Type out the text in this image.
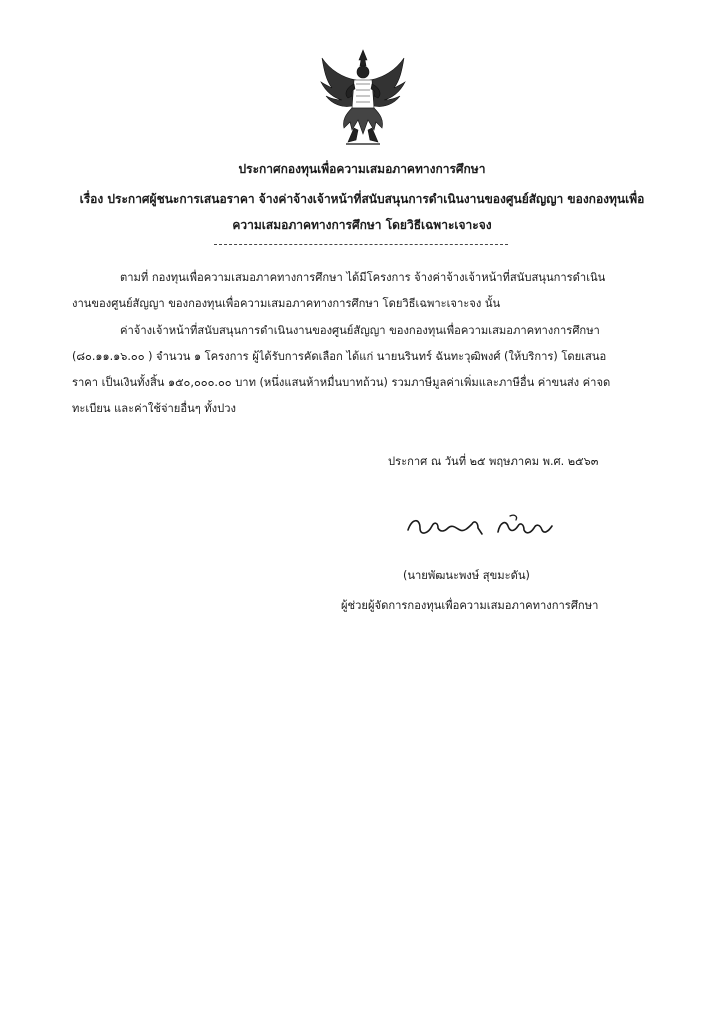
ประกาศกองทุนเพื่อความเสมอภาคทางการศึกษา
เรื่อง ประกาศผู้ชนะการเสนอราคา จ้างค่าจ้างเจ้าหน้าที่สนับสนุนการดำเนินงานของศูนย์สัญญา ของกองทุนเพื่อ
ความเสมอภาคทางการศึกษา โดยวิธีเฉพาะเจาะจง
ตามที่ กองทุนเพื่อความเสมอภาคทางการศึกษา ได้มีโครงการ จ้างค่าจ้างเจ้าหน้าที่สนับสนุนการดำเนิน
งานของศูนย์สัญญา ของกองทุนเพื่อความเสมอภาคทางการศึกษา โดยวิธีเฉพาะเจาะจง นั้น
ค่าจ้างเจ้าหน้าที่สนับสนุนการดำเนินงานของศูนย์สัญญา ของกองทุนเพื่อความเสมอภาคทางการศึกษา
(๘๐.๑๑.๑๖.๐๐ ) จำนวน ๑ โครงการ ผู้ได้รับการคัดเลือก ได้แก่ นายนรินทร์ ฉันทะวุฒิพงศ์ (ให้บริการ) โดยเสนอ
ราคา เป็นเงินทั้งสิ้น ๑๕๐,๐๐๐.๐๐ บาท (หนึ่งแสนห้าหมื่นบาทถ้วน) รวมภาษีมูลค่าเพิ่มและภาษีอื่น ค่าขนส่ง ค่าจด
ทะเบียน และค่าใช้จ่ายอื่นๆ ทั้งปวง
ประกาศ ณ วันที่ ๒๕ พฤษภาคม พ.ศ. ๒๕๖๓
(นายพัฒนะพงษ์ สุขมะดัน)
ผู้ช่วยผู้จัดการกองทุนเพื่อความเสมอภาคทางการศึกษา
